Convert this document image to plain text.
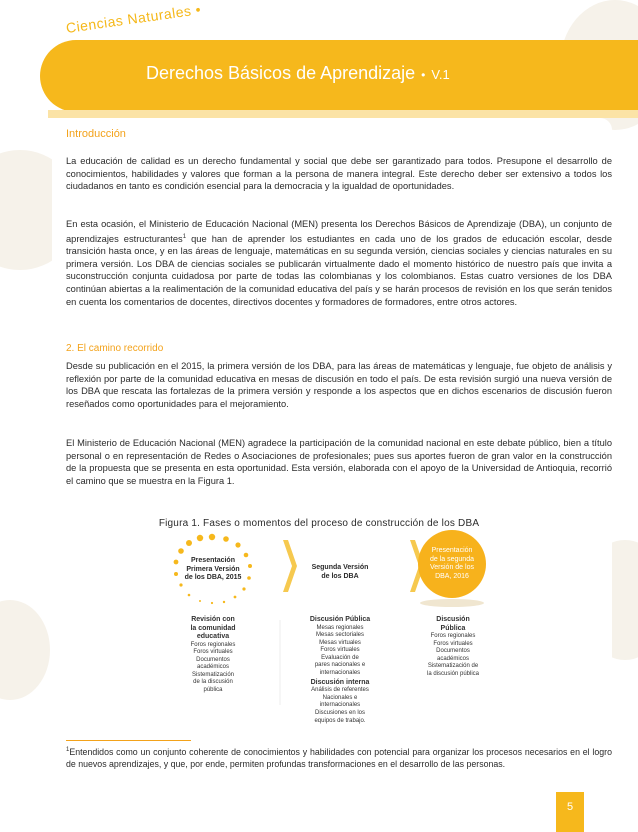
Ciencias Naturales •
Derechos Básicos de Aprendizaje • V.1
Introducción

La educación de calidad es un derecho fundamental y social que debe ser garantizado para todos. Presupone el desarrollo de conocimientos, habilidades y valores que forman a la persona de manera integral. Este derecho deber ser extensivo a todos los ciudadanos en tanto es condición esencial para la democracia y la igualdad de oportunidades.

En esta ocasión, el Ministerio de Educación Nacional (MEN) presenta los Derechos Básicos de Aprendizaje (DBA), un conjunto de aprendizajes estructurantes$^1$ que han de aprender los estudiantes en cada uno de los grados de educación escolar, desde transición hasta once, y en las áreas de lenguaje, matemáticas en su segunda versión, ciencias sociales y ciencias naturales en su primera versión. Los DBA de ciencias sociales se publicarán virtualmente dado el momento histórico de nuestro país que invita a suconstrucción conjunta cuidadosa por parte de todas las colombianas y los colombianos. Estas cuatro versiones de los DBA continúan abiertas a la realimentación de la comunidad educativa del país y se harán procesos de revisión en los que serán tenidos en cuenta los comentarios de docentes, directivos docentes y formadores de formadores, entre otros actores.

2. El camino recorrido

Desde su publicación en el 2015, la primera versión de los DBA, para las áreas de matemáticas y lenguaje, fue objeto de análisis y reflexión por parte de la comunidad educativa en mesas de discusión en todo el país. De esta revisión surgió una nueva versión de los DBA que rescata las fortalezas de la primera versión y responde a los aspectos que en dichos escenarios de discusión fueron reseñados como oportunidades para el mejoramiento.

El Ministerio de Educación Nacional (MEN) agradece la participación de la comunidad nacional en este debate público, bien a título personal o en representación de Redes o Asociaciones de profesionales; pues sus aportes fueron de gran valor en la construcción de la propuesta que se presenta en esta oportunidad. Esta versión, elaborada con el apoyo de la Universidad de Antioquia, recorrió el camino que se muestra en la Figura 1.

Figura 1. Fases o momentos del proceso de construcción de los DBA
Presentación
Primera Versión
de los DBA, 2015
Revisión con
la comunidad
educativa
Foros regionales
Foros virtuales
Documentos
académicos
Sistematización
de la discusión
pública
Segunda Versión
de los DBA
Discusión Pública
Mesas regionales
Mesas sectoriales
Mesas virtuales
Foros virtuales
Evaluación de
pares nacionales e
internacionales
Discusión interna
Análisis de referentes
Nacionales e
internacionales
Discusiones en los
equipos de trabajo.
Presentación
de la segunda
Versión de los
DBA, 2016
Discusión
Pública
Foros regionales
Foros virtuales
Documentos
académicos
Sistematización de
la discusión pública

$^1$Entendidos como un conjunto coherente de conocimientos y habilidades con potencial para organizar los procesos necesarios en el logro de nuevos aprendizajes, y que, por ende, permiten profundas transformaciones en el desarrollo de las personas.

5
